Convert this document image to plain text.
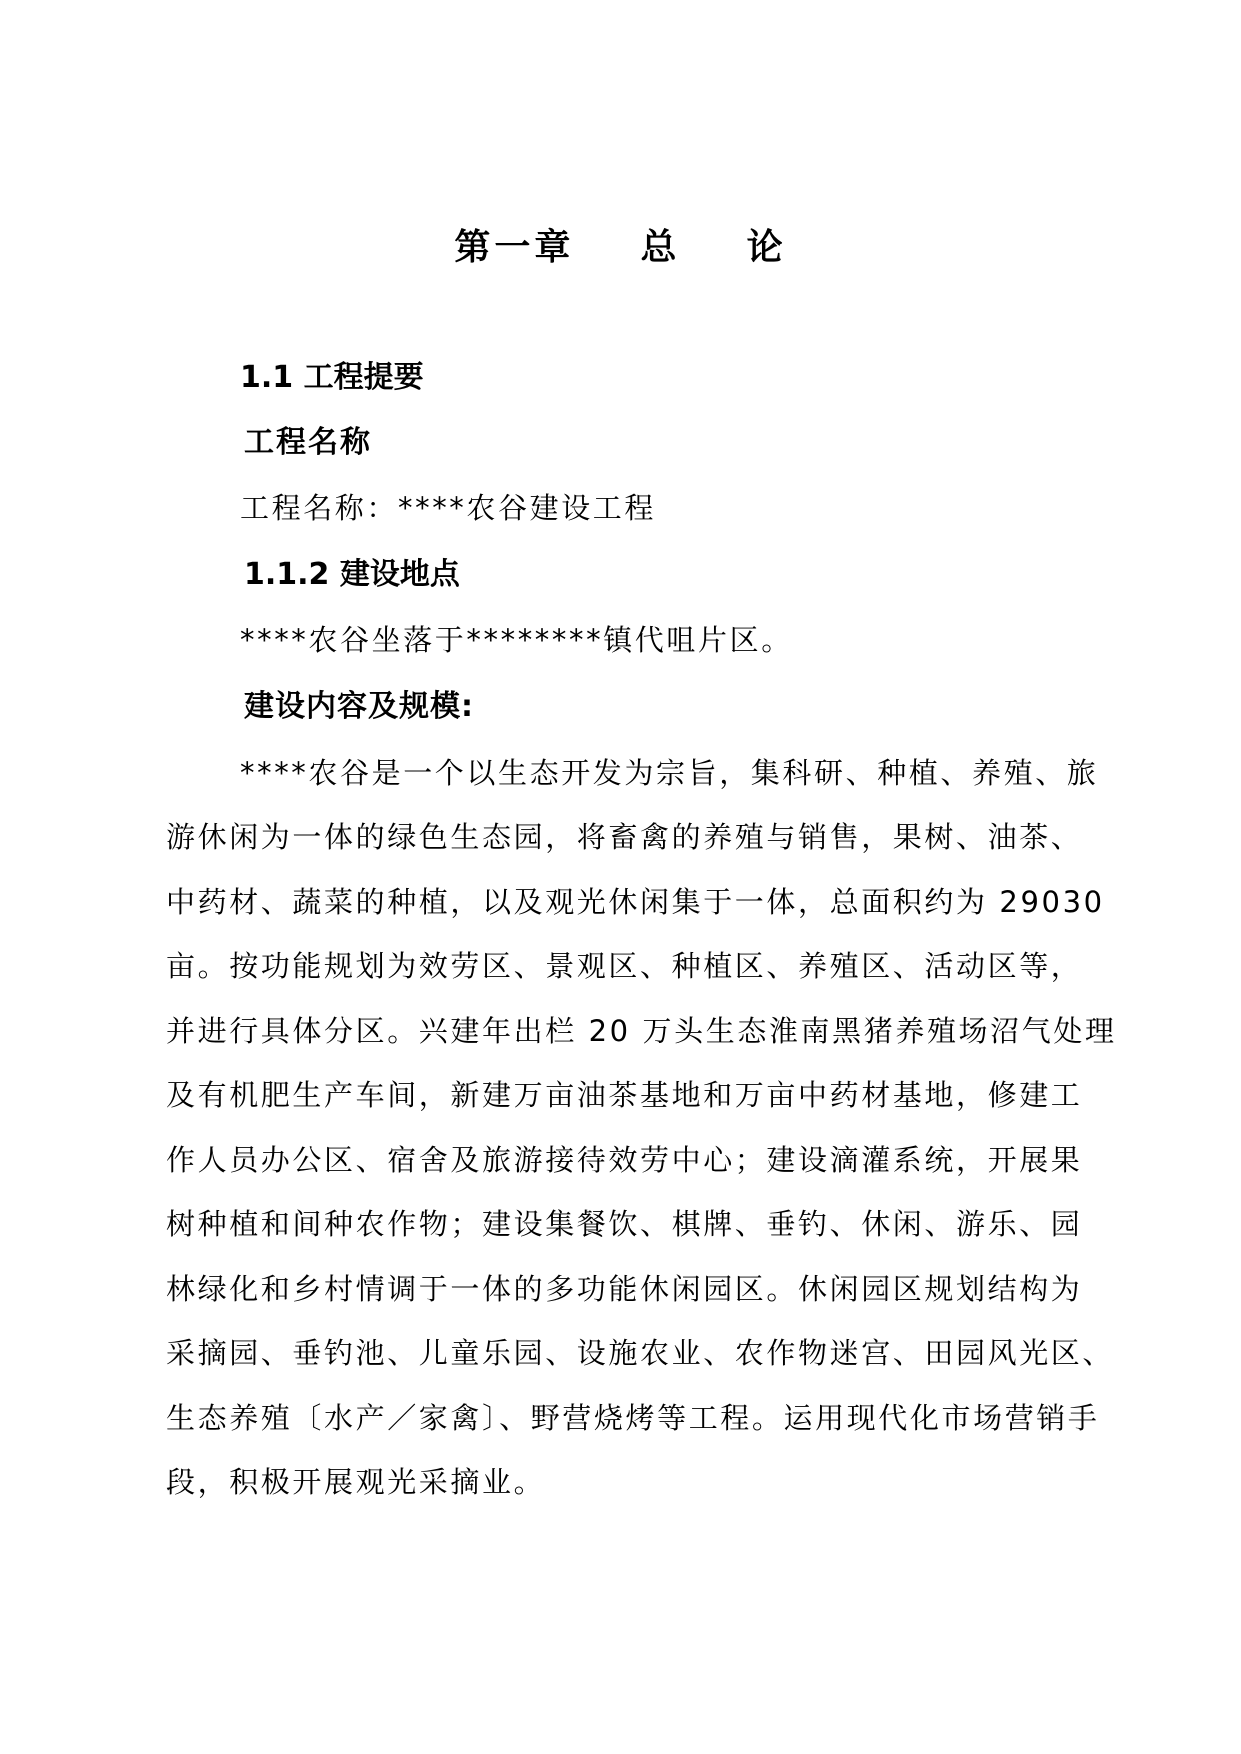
第一章    总    论
1.1 工程提要
工程名称
工程名称：****农谷建设工程
1.1.2 建设地点
****农谷坐落于********镇代咀片区。
建设内容及规模:
****农谷是一个以生态开发为宗旨，集科研、种植、养殖、旅
游休闲为一体的绿色生态园，将畜禽的养殖与销售，果树、油茶、
中药材、蔬菜的种植，以及观光休闲集于一体，总面积约为 29030
亩。按功能规划为效劳区、景观区、种植区、养殖区、活动区等，
并进行具体分区。兴建年出栏 20 万头生态淮南黑猪养殖场沼气处理
及有机肥生产车间，新建万亩油茶基地和万亩中药材基地，修建工
作人员办公区、宿舍及旅游接待效劳中心；建设滴灌系统，开展果
树种植和间种农作物；建设集餐饮、棋牌、垂钓、休闲、游乐、园
林绿化和乡村情调于一体的多功能休闲园区。休闲园区规划结构为
采摘园、垂钓池、儿童乐园、设施农业、农作物迷宫、田园风光区、
生态养殖〔水产／家禽〕、野营烧烤等工程。运用现代化市场营销手
段，积极开展观光采摘业。
